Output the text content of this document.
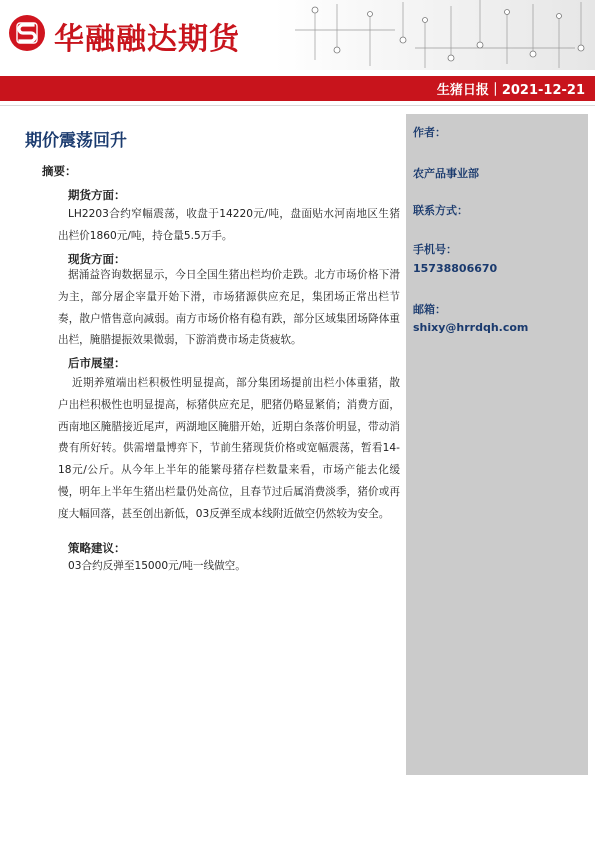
华融融达期货
生猪日报｜2021-12-21
期价震荡回升
摘要：
期货方面：
LH2203合约窄幅震荡，收盘于14220元/吨，盘面贴水河南地区生猪出栏价1860元/吨，持仓量5.5万手。
现货方面：
据涌益咨询数据显示，今日全国生猪出栏均价走跌。北方市场价格下滑为主，部分屠企宰量开始下滑，市场猪源供应充足，集团场正常出栏节奏，散户惜售意向减弱。南方市场价格有稳有跌，部分区域集团场降体重出栏，腌腊提振效果微弱，下游消费市场走货疲软。
后市展望：
近期养殖端出栏积极性明显提高，部分集团场提前出栏小体重猪，散户出栏积极性也明显提高，标猪供应充足，肥猪仍略显紧俏；消费方面，西南地区腌腊接近尾声，两湖地区腌腊开始，近期白条落价明显，带动消费有所好转。供需增量博弈下，节前生猪现货价格或宽幅震荡，暂看14-18元/公斤。从今年上半年的能繁母猪存栏数量来看，市场产能去化缓慢，明年上半年生猪出栏量仍处高位，且春节过后属消费淡季，猪价或再度大幅回落，甚至创出新低，03反弹至成本线附近做空仍然较为安全。
策略建议：
03合约反弹至15000元/吨一线做空。
作者：
农产品事业部
联系方式：
手机号：
15738806670
邮箱：
shixy@hrrdqh.com
